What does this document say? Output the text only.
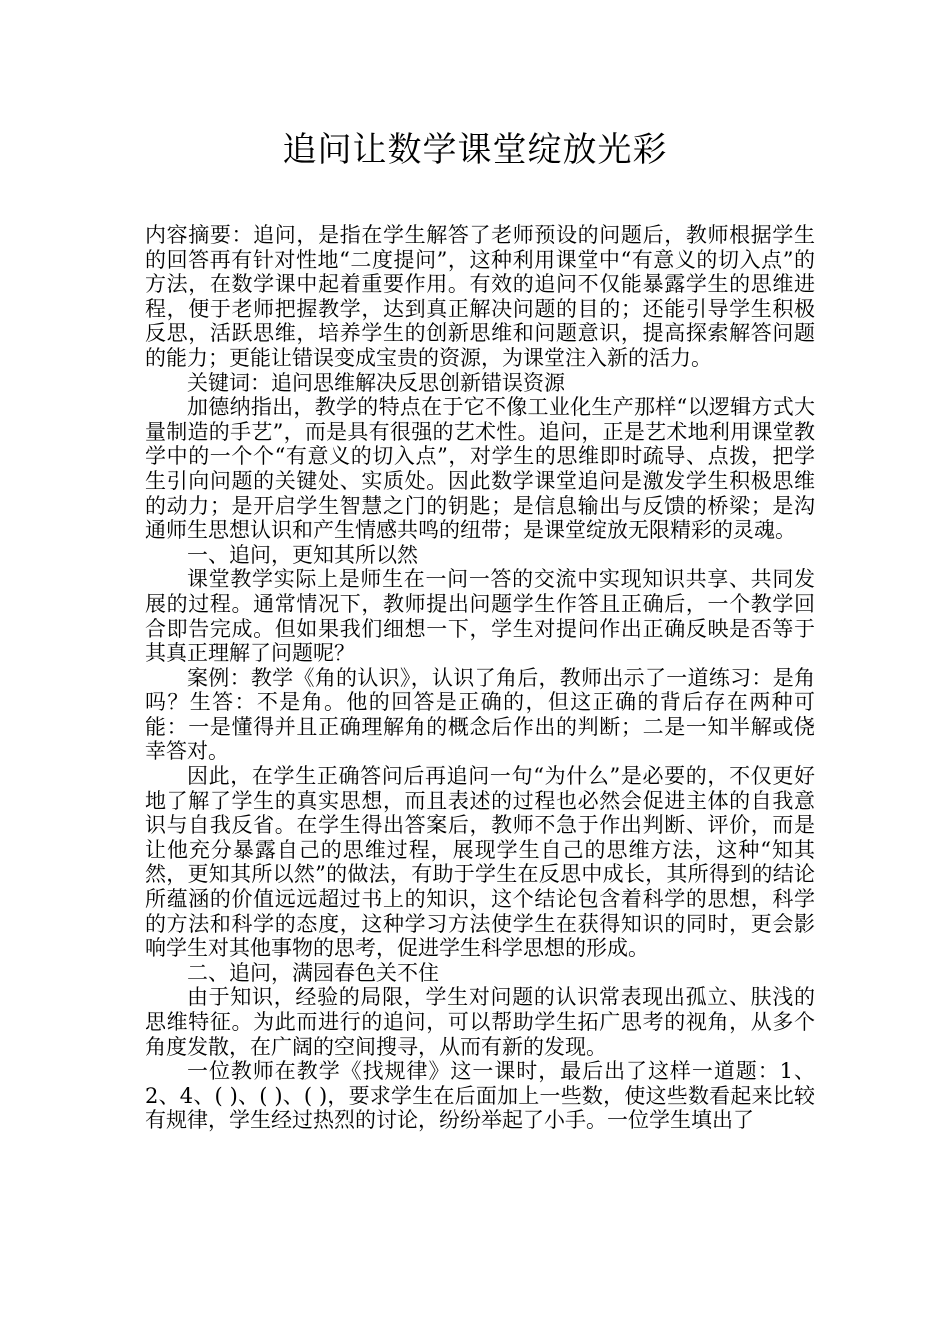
追问让数学课堂绽放光彩

内容摘要：追问，是指在学生解答了老师预设的问题后，教师根据学生的回答再有针对性地“二度提问”，这种利用课堂中“有意义的切入点”的方法，在数学课中起着重要作用。有效的追问不仅能暴露学生的思维进程，便于老师把握教学，达到真正解决问题的目的；还能引导学生积极反思，活跃思维，培养学生的创新思维和问题意识，提高探索解答问题的能力；更能让错误变成宝贵的资源，为课堂注入新的活力。

关键词：追问思维解决反思创新错误资源

加德纳指出，教学的特点在于它不像工业化生产那样“以逻辑方式大量制造的手艺”，而是具有很强的艺术性。追问，正是艺术地利用课堂教学中的一个个“有意义的切入点”，对学生的思维即时疏导、点拨，把学生引向问题的关键处、实质处。因此数学课堂追问是激发学生积极思维的动力；是开启学生智慧之门的钥匙；是信息输出与反馈的桥梁；是沟通师生思想认识和产生情感共鸣的纽带；是课堂绽放无限精彩的灵魂。

一、追问，更知其所以然

课堂教学实际上是师生在一问一答的交流中实现知识共享、共同发展的过程。通常情况下，教师提出问题学生作答且正确后，一个教学回合即告完成。但如果我们细想一下，学生对提问作出正确反映是否等于其真正理解了问题呢？

案例：教学《角的认识》，认识了角后，教师出示了一道练习：是角吗？生答：不是角。他的回答是正确的，但这正确的背后存在两种可能：一是懂得并且正确理解角的概念后作出的判断；二是一知半解或侥幸答对。

因此，在学生正确答问后再追问一句“为什么”是必要的，不仅更好地了解了学生的真实思想，而且表述的过程也必然会促进主体的自我意识与自我反省。在学生得出答案后，教师不急于作出判断、评价，而是让他充分暴露自己的思维过程，展现学生自己的思维方法，这种“知其然，更知其所以然”的做法，有助于学生在反思中成长，其所得到的结论所蕴涵的价值远远超过书上的知识，这个结论包含着科学的思想，科学的方法和科学的态度，这种学习方法使学生在获得知识的同时，更会影响学生对其他事物的思考，促进学生科学思想的形成。

二、追问，满园春色关不住

由于知识，经验的局限，学生对问题的认识常表现出孤立、肤浅的思维特征。为此而进行的追问，可以帮助学生拓广思考的视角，从多个角度发散，在广阔的空间搜寻，从而有新的发现。

一位教师在教学《找规律》这一课时，最后出了这样一道题：1、2、4、( )、( )、( )，要求学生在后面加上一些数，使这些数看起来比较有规律，学生经过热烈的讨论，纷纷举起了小手。一位学生填出了
